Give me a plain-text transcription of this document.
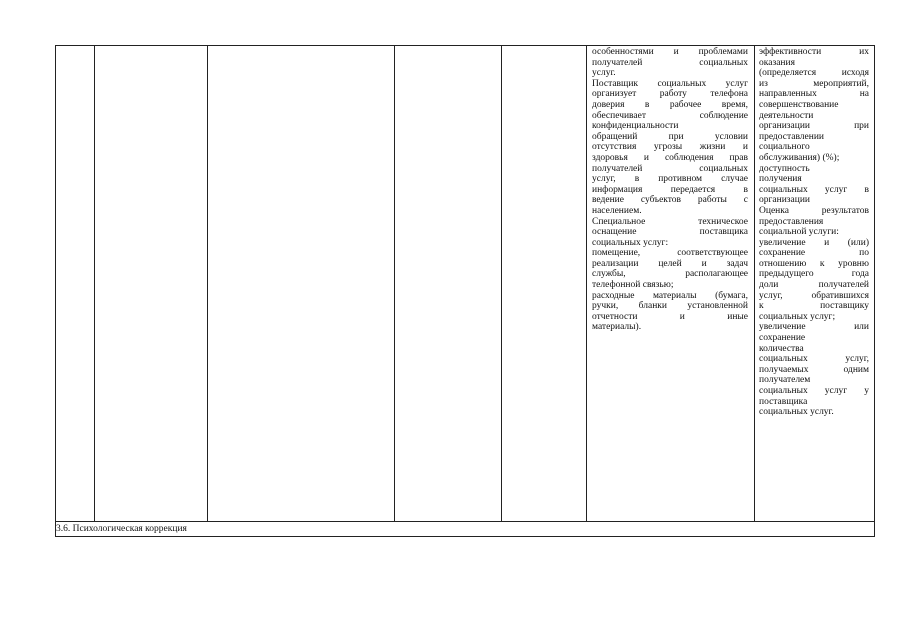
особенностями и проблемами
получателей социальных
услуг.
Поставщик социальных услуг
организует работу телефона
доверия в рабочее время,
обеспечивает соблюдение
конфиденциальности
обращений при условии
отсутствия угрозы жизни и
здоровья и соблюдения прав
получателей социальных
услуг, в противном случае
информация передается в
ведение субъектов работы с
населением.
Специальное техническое
оснащение поставщика
социальных услуг:
помещение, соответствующее
реализации целей и задач
службы, располагающее
телефонной связью;
расходные материалы (бумага,
ручки, бланки установленной
отчетности и иные
материалы).
эффективности их
оказания
(определяется исходя
из мероприятий,
направленных на
совершенствование
деятельности
организации при
предоставлении
социального
обслуживания) (%);
доступность
получения
социальных услуг в
организации
Оценка результатов
предоставления
социальной услуги:
увеличение и (или)
сохранение по
отношению к уровню
предыдущего года
доли получателей
услуг, обратившихся
к поставщику
социальных услуг;
увеличение или
сохранение
количества
социальных услуг,
получаемых одним
получателем
социальных услуг у
поставщика
социальных услуг.
3.6. Психологическая коррекция
